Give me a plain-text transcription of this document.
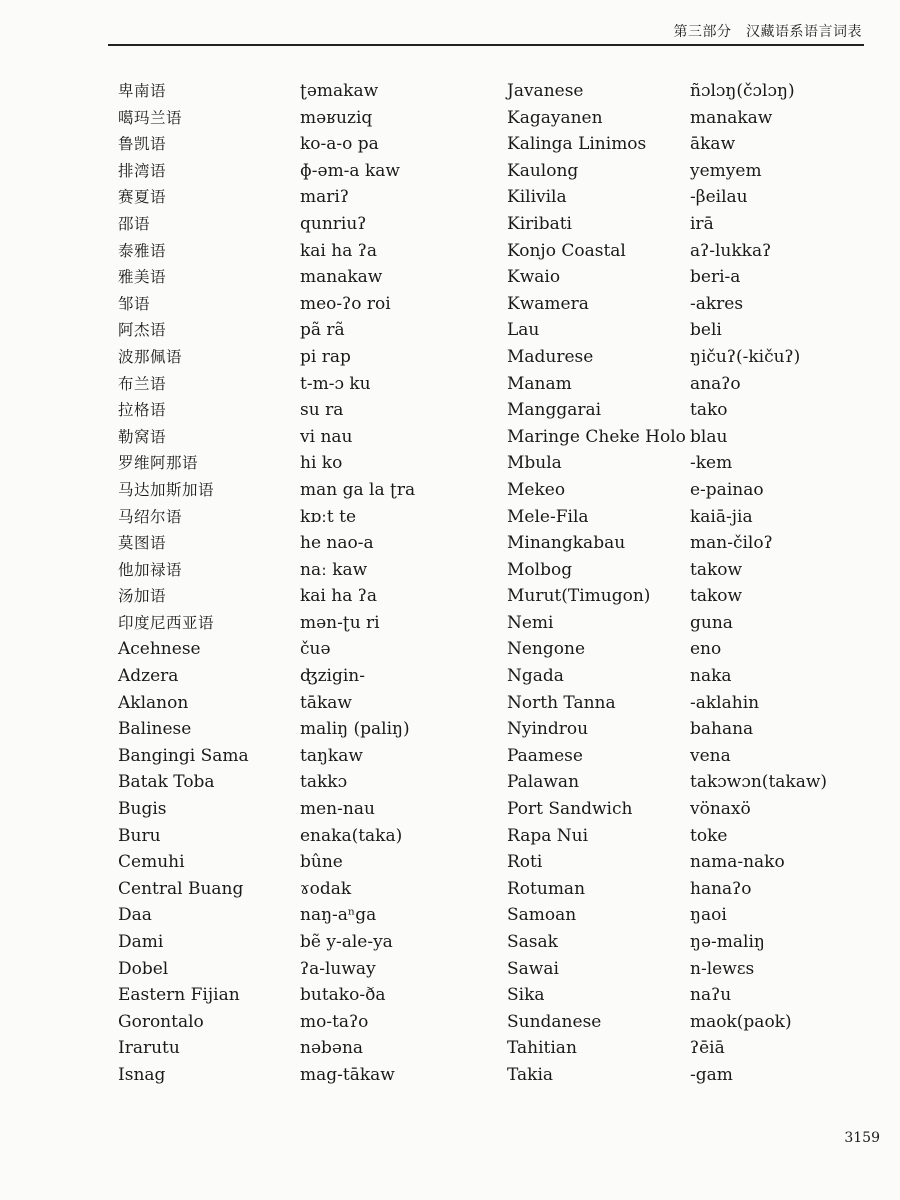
第三部分　汉藏语系语言词表
卑南语
噶玛兰语
鲁凯语
排湾语
赛夏语
邵语
泰雅语
雅美语
邹语
阿杰语
波那佩语
布兰语
拉格语
勒窝语
罗维阿那语
马达加斯加语
马绍尔语
莫图语
他加禄语
汤加语
印度尼西亚语
Acehnese
Adzera
Aklanon
Balinese
Bangingi Sama
Batak Toba
Bugis
Buru
Cemuhi
Central Buang
Daa
Dami
Dobel
Eastern Fijian
Gorontalo
Irarutu
Isnag
ʈəmakaw
məʁuziq
ko-a-o pa
ɸ-əm-a kaw
mariʔ
qunriuʔ
kai ha ʔa
manakaw
meo-ʔo roi
pã rã
pi rap
t-m-ɔ ku
su ra
vi nau
hi ko
man ga la ʈra
kɒːt te
he nao-a
naː kaw
kai ha ʔa
mən-ʈu ri
čuə
ʤzigin-
tākaw
maliŋ (paliŋ)
taŋkaw
takkɔ
men-nau
enaka(taka)
bûne
ɤodak
naŋ-aⁿga
bẽ y-ale-ya
ʔa-luway
butako-ða
mo-taʔo
nəbəna
mag-tākaw
Javanese
Kagayanen
Kalinga Linimos
Kaulong
Kilivila
Kiribati
Konjo Coastal
Kwaio
Kwamera
Lau
Madurese
Manam
Manggarai
Maringe Cheke Holo
Mbula
Mekeo
Mele-Fila
Minangkabau
Molbog
Murut(Timugon)
Nemi
Nengone
Ngada
North Tanna
Nyindrou
Paamese
Palawan
Port Sandwich
Rapa Nui
Roti
Rotuman
Samoan
Sasak
Sawai
Sika
Sundanese
Tahitian
Takia
ñɔlɔŋ(čɔlɔŋ)
manakaw
ākaw
yemyem
-βeilau
irā
aʔ-lukkaʔ
beri-a
-akres
beli
ŋičuʔ(-kičuʔ)
anaʔo
tako
blau
-kem
e-painao
kaiā-jia
man-čiloʔ
takow
takow
guna
eno
naka
-aklahin
bahana
vena
takɔwɔn(takaw)
vönaxö
toke
nama-nako
hanaʔo
ŋaoi
ŋə-maliŋ
n-lewɛs
naʔu
maok(paok)
ʔēiā
-gam
3159
